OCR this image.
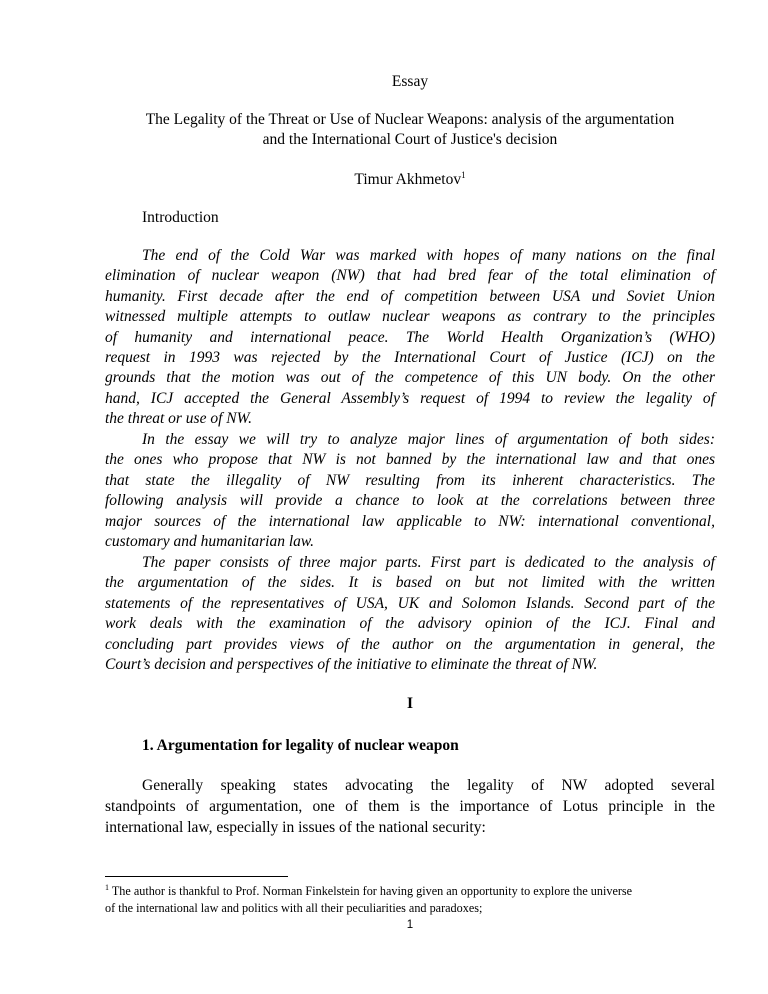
Essay
The Legality of the Threat or Use of Nuclear Weapons: analysis of the argumentation
and the International Court of Justice's decision
Timur Akhmetov$^1$
Introduction
The end of the Cold War was marked with hopes of many nations on the final
elimination of nuclear weapon (NW) that had bred fear of the total elimination of
humanity. First decade after the end of competition between USA und Soviet Union
witnessed multiple attempts to outlaw nuclear weapons as contrary to the principles
of humanity and international peace. The World Health Organization’s (WHO)
request in 1993 was rejected by the International Court of Justice (ICJ) on the
grounds that the motion was out of the competence of this UN body. On the other
hand, ICJ accepted the General Assembly’s request of 1994 to review the legality of
the threat or use of NW.
In the essay we will try to analyze major lines of argumentation of both sides:
the ones who propose that NW is not banned by the international law and that ones
that state the illegality of NW resulting from its inherent characteristics. The
following analysis will provide a chance to look at the correlations between three
major sources of the international law applicable to NW: international conventional,
customary and humanitarian law.
The paper consists of three major parts. First part is dedicated to the analysis of
the argumentation of the sides. It is based on but not limited with the written
statements of the representatives of USA, UK and Solomon Islands. Second part of the
work deals with the examination of the advisory opinion of the ICJ. Final and
concluding part provides views of the author on the argumentation in general, the
Court’s decision and perspectives of the initiative to eliminate the threat of NW.
I
1. Argumentation for legality of nuclear weapon
Generally speaking states advocating the legality of NW adopted several
standpoints of argumentation, one of them is the importance of Lotus principle in the
international law, especially in issues of the national security:
$^1$ The author is thankful to Prof. Norman Finkelstein for having given an opportunity to explore the universe
of the international law and politics with all their peculiarities and paradoxes;
1
